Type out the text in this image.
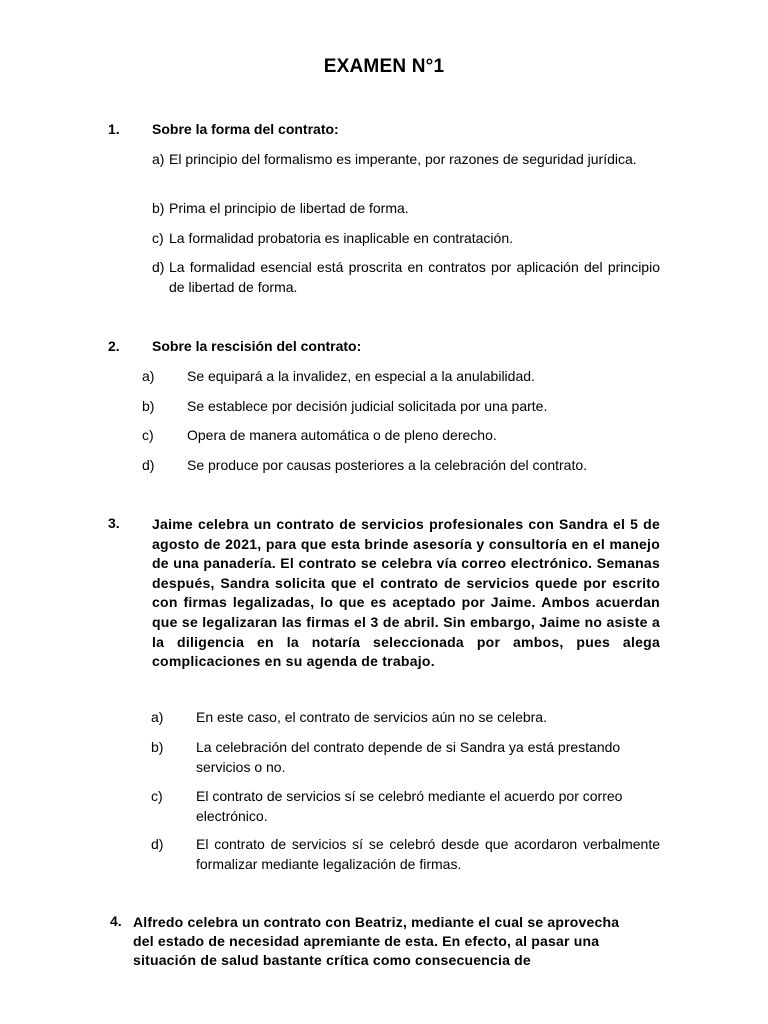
EXAMEN N°1
1. Sobre la forma del contrato:
a) El principio del formalismo es imperante, por razones de seguridad jurídica.
b) Prima el principio de libertad de forma.
c) La formalidad probatoria es inaplicable en contratación.
d) La formalidad esencial está proscrita en contratos por aplicación del principio de libertad de forma.
2. Sobre la rescisión del contrato:
a) Se equipará a la invalidez, en especial a la anulabilidad.
b) Se establece por decisión judicial solicitada por una parte.
c) Opera de manera automática o de pleno derecho.
d) Se produce por causas posteriores a la celebración del contrato.
3. Jaime celebra un contrato de servicios profesionales con Sandra el 5 de agosto de 2021, para que esta brinde asesoría y consultoría en el manejo de una panadería. El contrato se celebra vía correo electrónico. Semanas después, Sandra solicita que el contrato de servicios quede por escrito con firmas legalizadas, lo que es aceptado por Jaime. Ambos acuerdan que se legalizaran las firmas el 3 de abril. Sin embargo, Jaime no asiste a la diligencia en la notaría seleccionada por ambos, pues alega complicaciones en su agenda de trabajo.
a) En este caso, el contrato de servicios aún no se celebra.
b) La celebración del contrato depende de si Sandra ya está prestando servicios o no.
c) El contrato de servicios sí se celebró mediante el acuerdo por correo electrónico.
d) El contrato de servicios sí se celebró desde que acordaron verbalmente formalizar mediante legalización de firmas.
4. Alfredo celebra un contrato con Beatriz, mediante el cual se aprovecha del estado de necesidad apremiante de esta. En efecto, al pasar una situación de salud bastante crítica como consecuencia de
